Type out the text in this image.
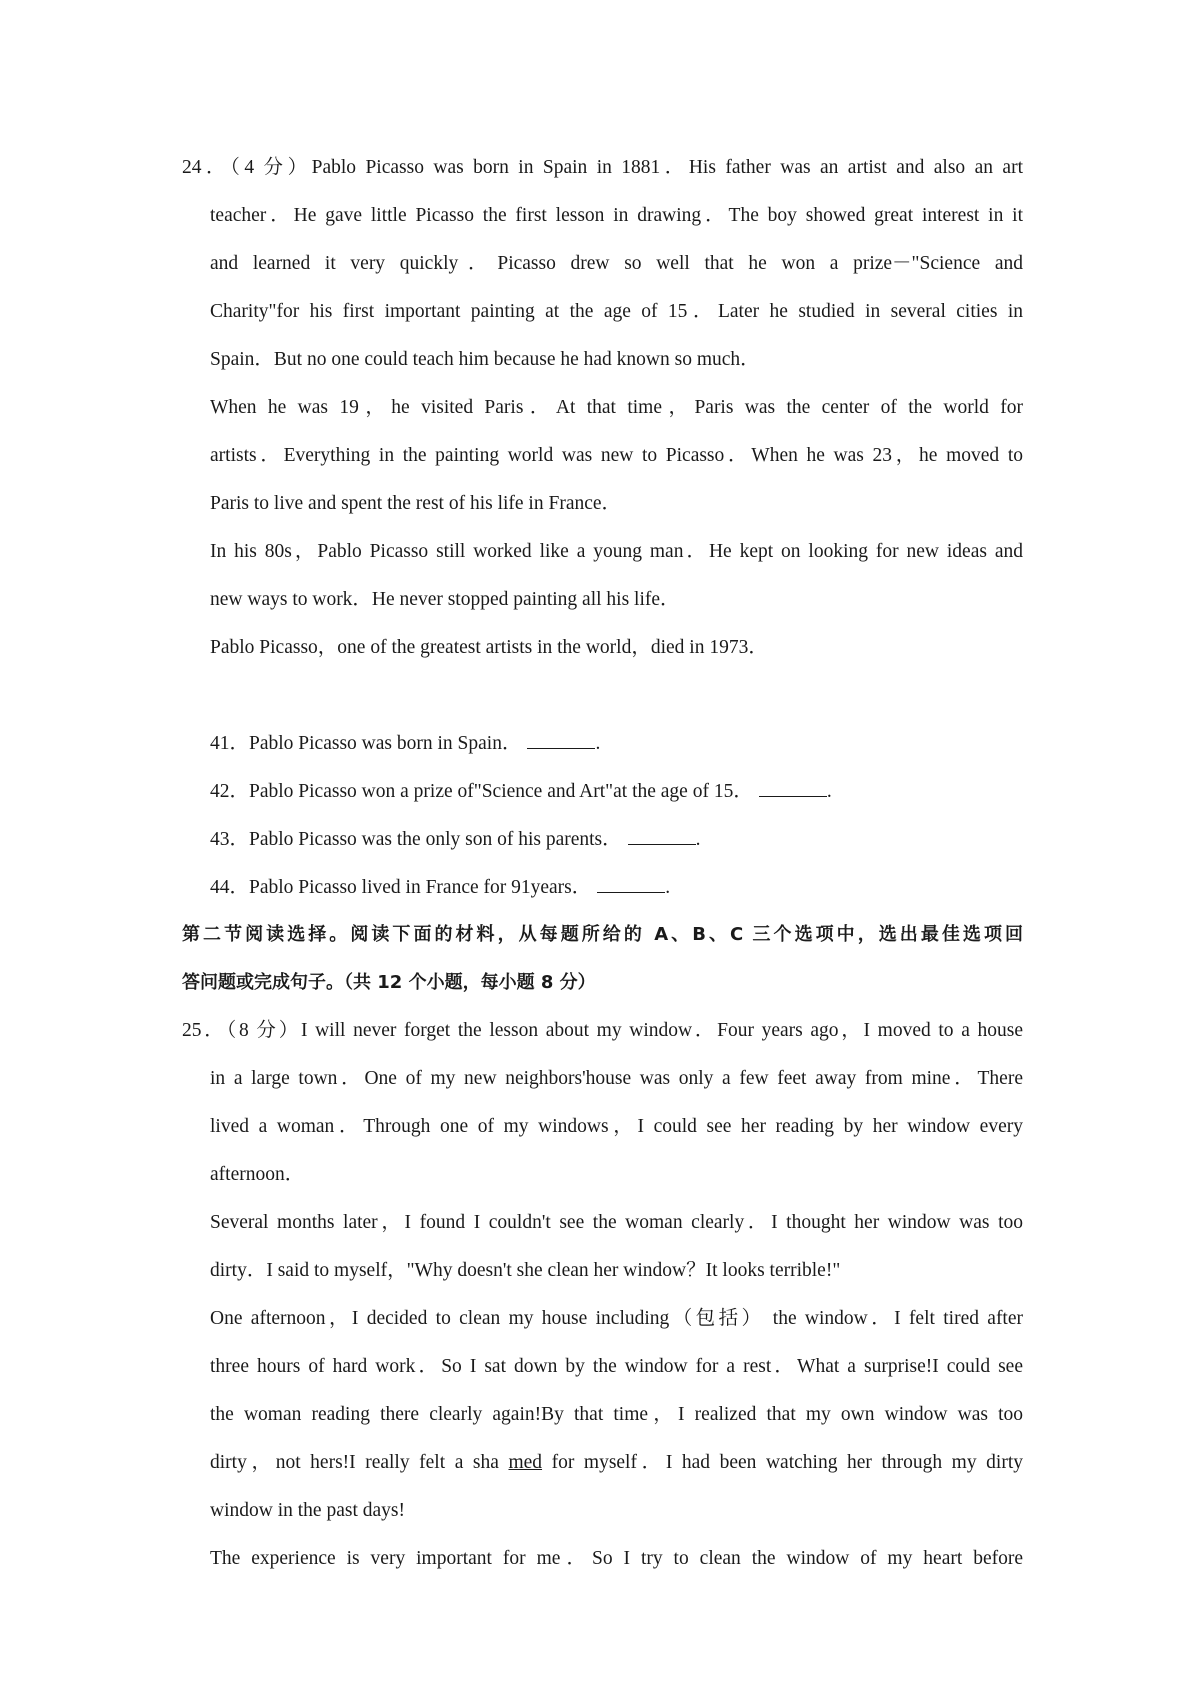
24．（4 分）Pablo Picasso was born in Spain in 1881．His father was an artist and also an art
teacher．He gave little Picasso the first lesson in drawing．The boy showed great interest in it
and learned it very quickly．Picasso drew so well that he won a prize－"Science and
Charity"for his first important painting at the age of 15．Later he studied in several cities in
Spain．But no one could teach him because he had known so much．
When he was 19，he visited Paris．At that time，Paris was the center of the world for
artists．Everything in the painting world was new to Picasso．When he was 23，he moved to
Paris to live and spent the rest of his life in France．
In his 80s，Pablo Picasso still worked like a young man．He kept on looking for new ideas and
new ways to work．He never stopped painting all his life．
Pablo Picasso，one of the greatest artists in the world，died in 1973．
41．Pablo Picasso was born in Spain．	.
42．Pablo Picasso won a prize of"Science and Art"at the age of 15．	.
43．Pablo Picasso was the only son of his parents．	.
44．Pablo Picasso lived in France for 91years．	.
第二节阅读选择。阅读下面的材料，从每题所给的 A、B、C 三个选项中，选出最佳选项回
答问题或完成句子。（共 12 个小题，每小题 8 分）
25．（8 分）I will never forget the lesson about my window．Four years ago，I moved to a house
in a large town．One of my new neighbors'house was only a few feet away from mine．There
lived a woman．Through one of my windows，I could see her reading by her window every
afternoon．
Several months later，I found I couldn't see the woman clearly．I thought her window was too
dirty．I said to myself，"Why doesn't she clean her window？It looks terrible!"
One afternoon，I decided to clean my house including（包括） the window．I felt tired after
three hours of hard work．So I sat down by the window for a rest．What a surprise!I could see
the woman reading there clearly again!By that time，I realized that my own window was too
dirty，not hers!I really felt a sha med for myself．I had been watching her through my dirty
window in the past days!
The experience is very important for me．So I try to clean the window of my heart before
